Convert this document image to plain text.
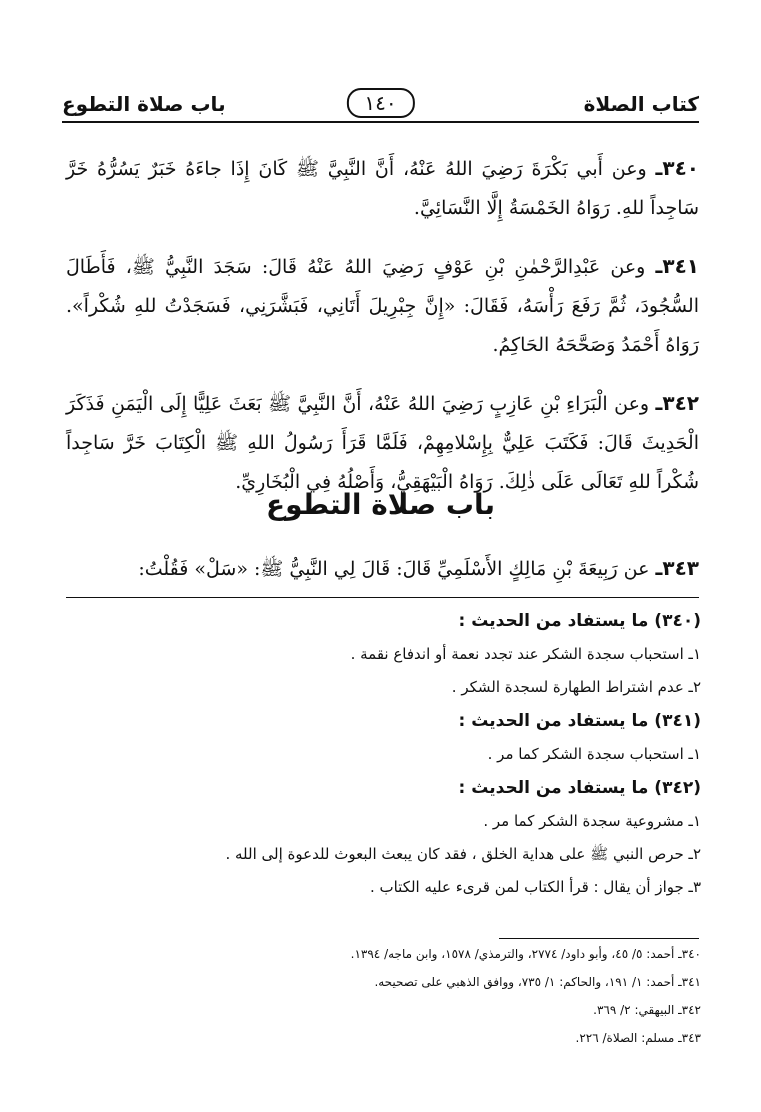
كتاب الصلاة
١٤٠
باب صلاة التطوع

٣٤٠ـ وعن أَبي بَكْرَةَ رَضِيَ اللهُ عَنْهُ، أَنَّ النَّبِيَّ ﷺ كَانَ إِذَا جاءَهُ خَبَرٌ يَسُرُّهُ خَرَّ سَاجِداً للهِ. رَوَاهُ الخَمْسَةُ إِلَّا النَّسَائِيَّ.

٣٤١ـ وعن عَبْدِالرَّحْمٰنِ بْنِ عَوْفٍ رَضِيَ اللهُ عَنْهُ قَالَ: سَجَدَ النَّبِيُّ ﷺ، فَأَطَالَ السُّجُودَ، ثُمَّ رَفَعَ رَأْسَهُ، فَقَالَ: «إِنَّ جِبْرِيلَ أَتَانِي، فَبَشَّرَنِي، فَسَجَدْتُ للهِ شُكْراً». رَوَاهُ أَحْمَدُ وَصَحَّحَهُ الحَاكِمُ.

٣٤٢ـ وعن الْبَرَاءِ بْنِ عَازِبٍ رَضِيَ اللهُ عَنْهُ، أَنَّ النَّبِيَّ ﷺ بَعَثَ عَلِيًّا إِلَى الْيَمَنِ فَذَكَرَ الْحَدِيثَ قَالَ: فَكَتَبَ عَلِيٌّ بِإِسْلامِهِمْ، فَلَمَّا قَرَأَ رَسُولُ اللهِ ﷺ الْكِتَابَ خَرَّ سَاجِداً شُكْراً للهِ تَعَالَى عَلَى ذٰلِكَ. رَوَاهُ الْبَيْهَقِيُّ، وَأَصْلُهُ فِي الْبُخَارِيِّ.

باب صلاة التطوع
٣٤٣ـ عن رَبِيعَةَ بْنِ مَالِكٍ الأَسْلَمِيِّ قَالَ: قَالَ لِي النَّبِيُّ ﷺ: «سَلْ» فَقُلْتُ:
(٣٤٠) ما يستفاد من الحديث :
١ـ استحباب سجدة الشكر عند تجدد نعمة أو اندفاع نقمة .
٢ـ عدم اشتراط الطهارة لسجدة الشكر .
(٣٤١) ما يستفاد من الحديث :
١ـ استحباب سجدة الشكر كما مر .
(٣٤٢) ما يستفاد من الحديث :
١ـ مشروعية سجدة الشكر كما مر .
٢ـ حرص النبي ﷺ على هداية الخلق ، فقد كان يبعث البعوث للدعوة إلى الله .
٣ـ جواز أن يقال : قرأ الكتاب لمن قرىء عليه الكتاب .
٣٤٠ـ أحمد: ٥/ ٤٥، وأبو داود/ ٢٧٧٤، والترمذي/ ١٥٧٨، وابن ماجه/ ١٣٩٤.
٣٤١ـ أحمد: ١/ ١٩١، والحاكم: ١/ ٧٣٥، ووافق الذهبي على تصحيحه.
٣٤٢ـ البيهقي: ٢/ ٣٦٩.
٣٤٣ـ مسلم: الصلاة/ ٢٢٦.
